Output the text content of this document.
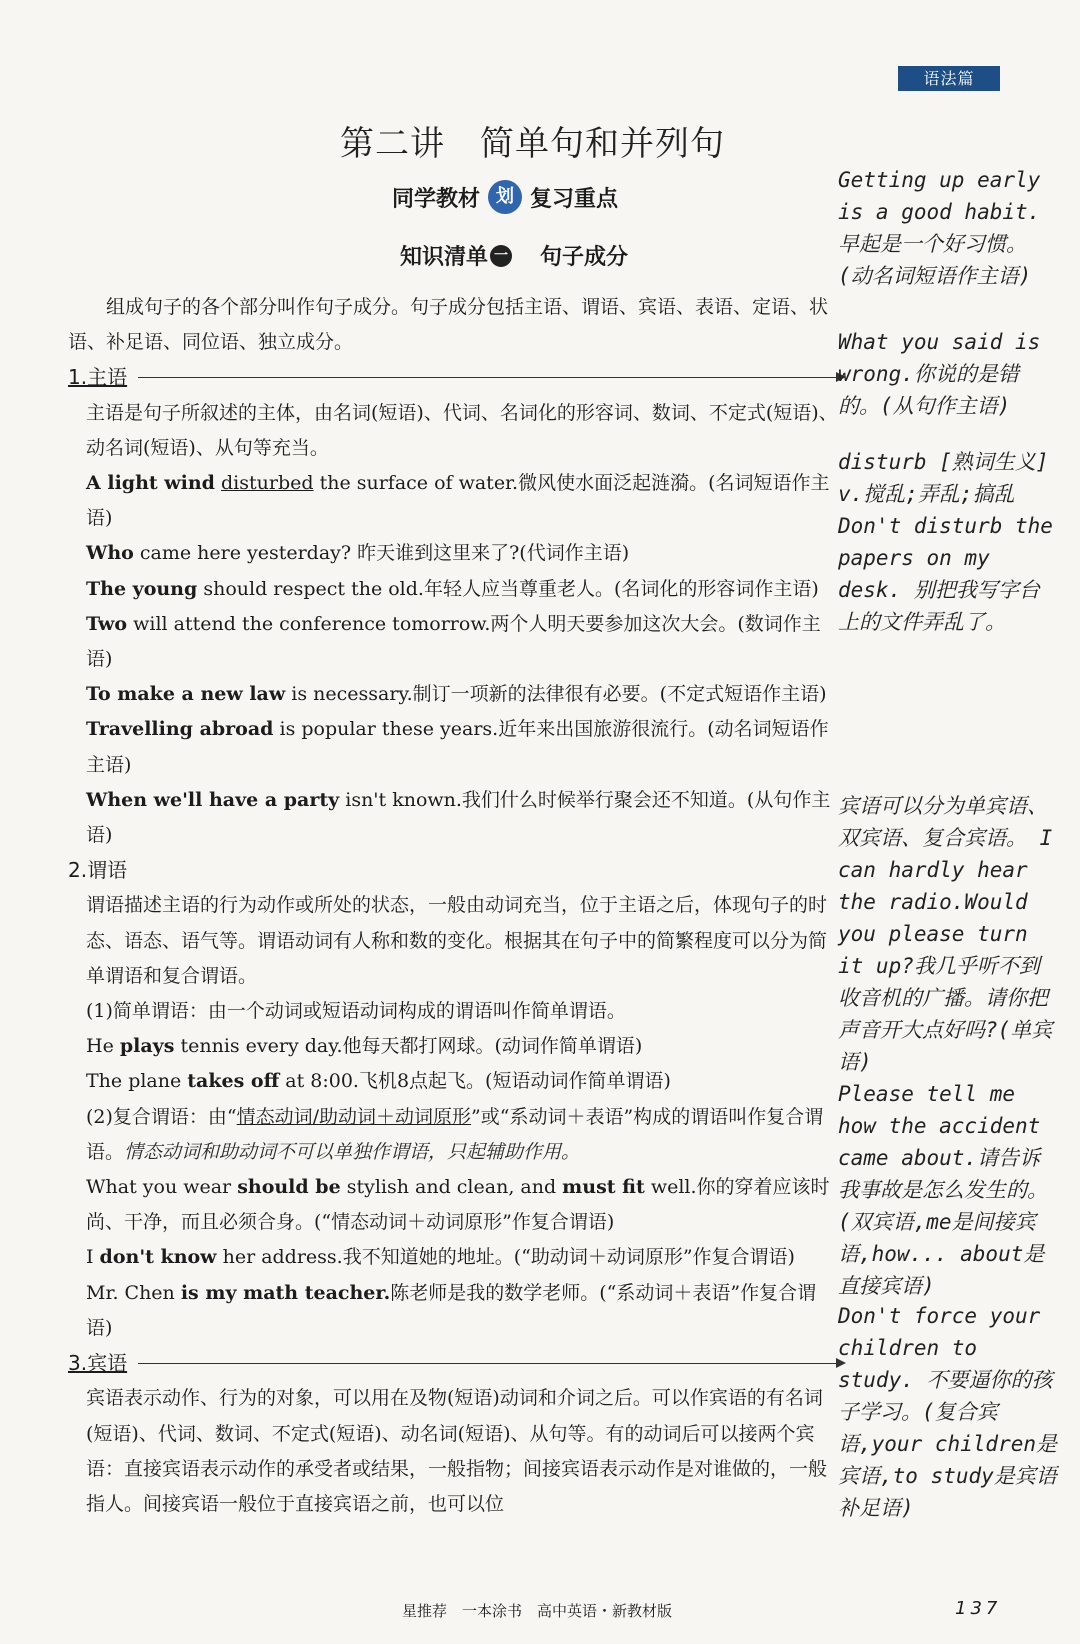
语法篇
第二讲　简单句和并列句
同学教材 划 复习重点
知识清单 一 句子成分

组成句子的各个部分叫作句子成分。句子成分包括主语、谓语、宾语、表语、定语、状语、补足语、同位语、独立成分。

1.主语

主语是句子所叙述的主体，由名词(短语)、代词、名词化的形容词、数词、不定式(短语)、动名词(短语)、从句等充当。

A light wind disturbed the surface of water.微风使水面泛起涟漪。(名词短语作主语)

Who came here yesterday? 昨天谁到这里来了?(代词作主语)

The young should respect the old.年轻人应当尊重老人。(名词化的形容词作主语)

Two will attend the conference tomorrow.两个人明天要参加这次大会。(数词作主语)

To make a new law is necessary.制订一项新的法律很有必要。(不定式短语作主语)

Travelling abroad is popular these years.近年来出国旅游很流行。(动名词短语作主语)

When we'll have a party isn't known.我们什么时候举行聚会还不知道。(从句作主语)

2.谓语

谓语描述主语的行为动作或所处的状态，一般由动词充当，位于主语之后，体现句子的时态、语态、语气等。谓语动词有人称和数的变化。根据其在句子中的简繁程度可以分为简单谓语和复合谓语。

(1)简单谓语：由一个动词或短语动词构成的谓语叫作简单谓语。

He plays tennis every day.他每天都打网球。(动词作简单谓语)

The plane takes off at 8:00.飞机8点起飞。(短语动词作简单谓语)

(2)复合谓语：由“情态动词/助动词＋动词原形”或“系动词＋表语”构成的谓语叫作复合谓语。情态动词和助动词不可以单独作谓语，只起辅助作用。

What you wear should be stylish and clean, and must fit well.你的穿着应该时尚、干净，而且必须合身。(“情态动词＋动词原形”作复合谓语)

I don't know her address.我不知道她的地址。(“助动词＋动词原形”作复合谓语)

Mr. Chen is my math teacher.陈老师是我的数学老师。(“系动词＋表语”作复合谓语)

3.宾语

宾语表示动作、行为的对象，可以用在及物(短语)动词和介词之后。可以作宾语的有名词(短语)、代词、数词、不定式(短语)、动名词(短语)、从句等。有的动词后可以接两个宾语：直接宾语表示动作的承受者或结果，一般指物；间接宾语表示动作是对谁做的，一般指人。间接宾语一般位于直接宾语之前，也可以位

Getting up early is a good habit. 早起是一个好习惯。(动名词短语作主语)

What you said is wrong.你说的是错的。(从句作主语)

disturb [熟词生义] v.搅乱;弄乱;搞乱 Don't disturb the papers on my desk. 别把我写字台上的文件弄乱了。

宾语可以分为单宾语、双宾语、复合宾语。 I can hardly hear the radio.Would you please turn it up?我几乎听不到收音机的广播。请你把声音开大点好吗?(单宾语)

Please tell me how the accident came about.请告诉我事故是怎么发生的。(双宾语,me是间接宾语,how... about是直接宾语)

Don't force your children to study. 不要逼你的孩子学习。(复合宾语,your children是宾语,to study是宾语补足语)

星推荐　一本涂书　高中英语・新教材版	137
